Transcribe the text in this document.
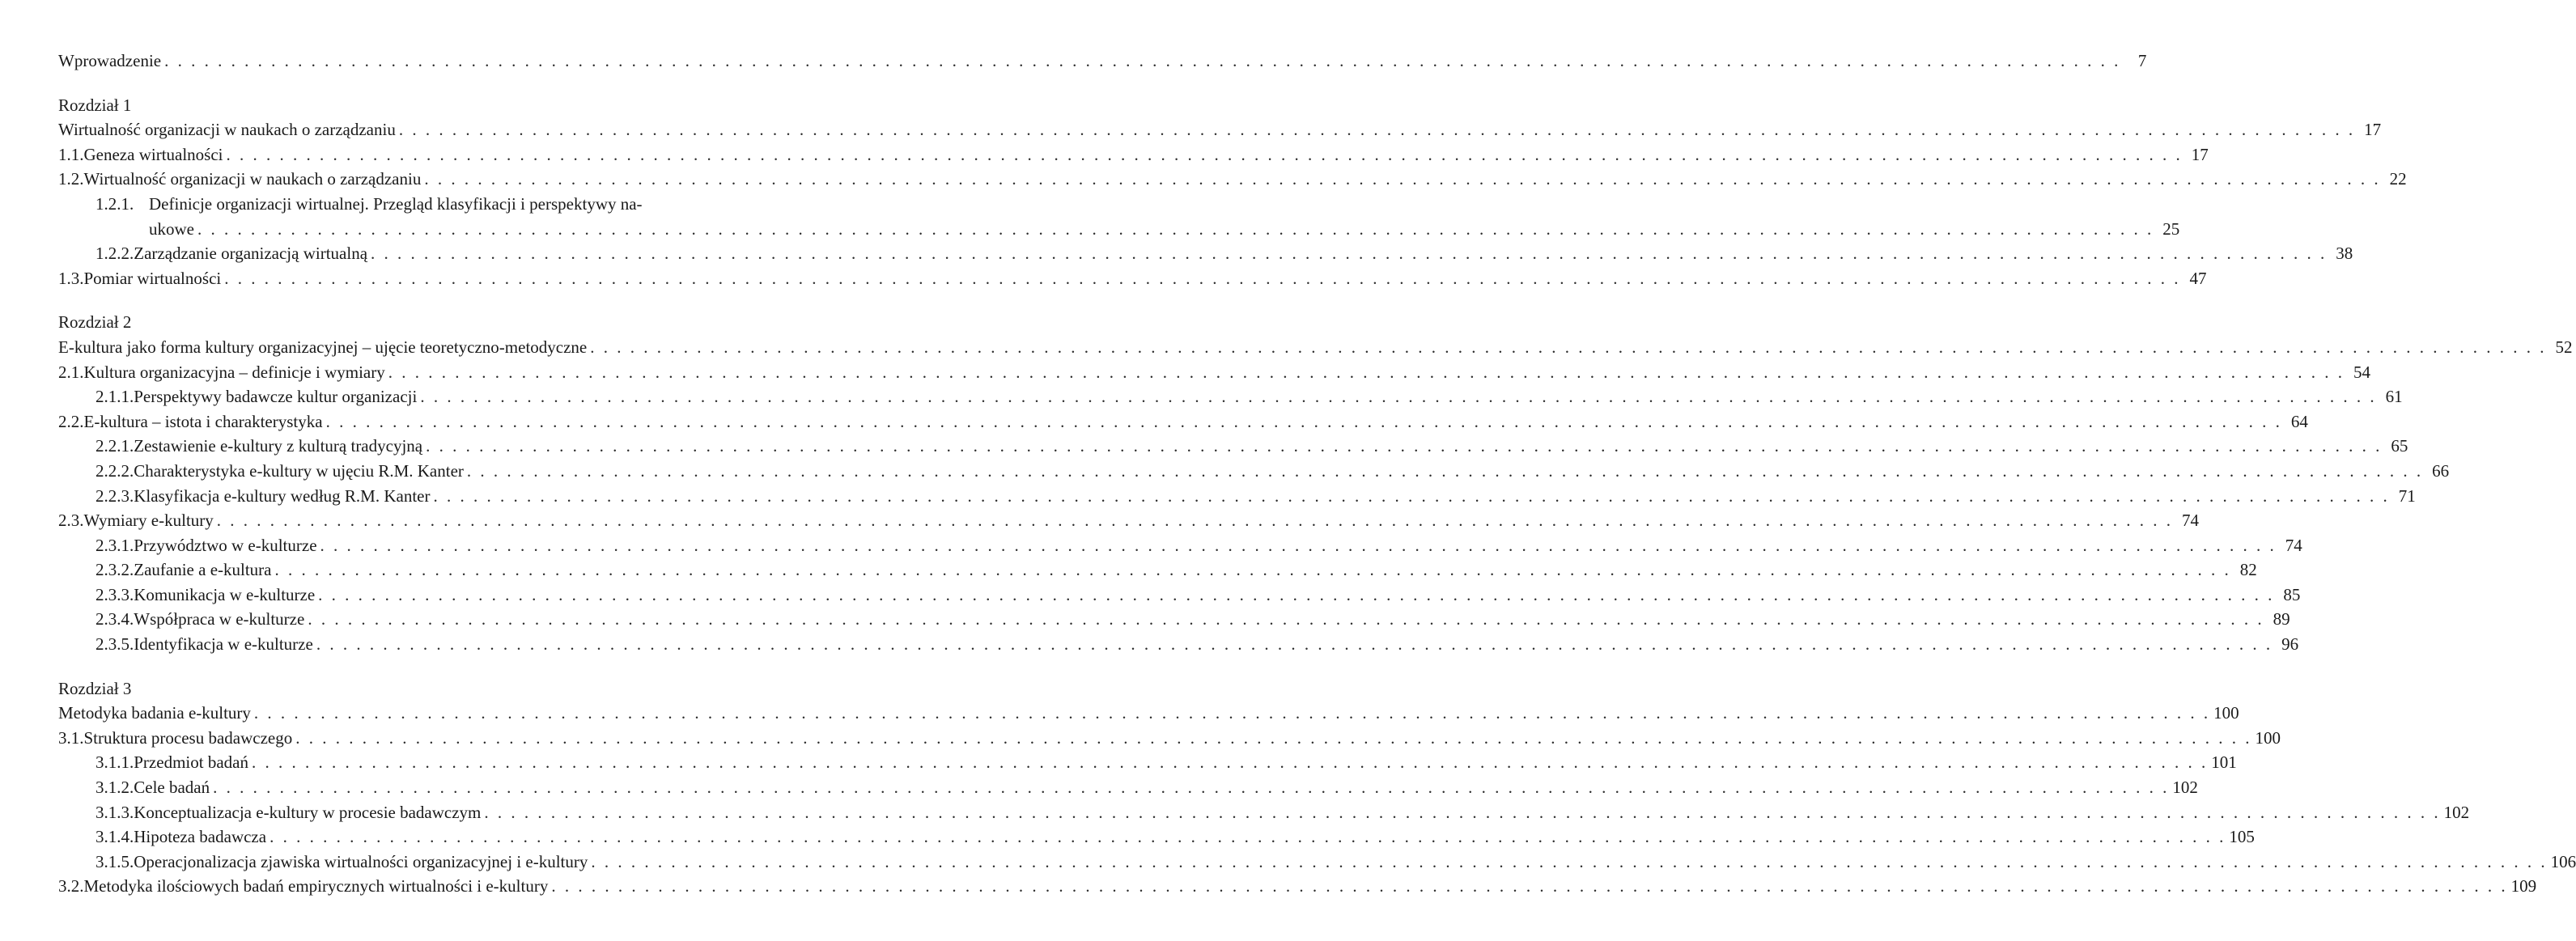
Wprowadzenie . . .	7
Rozdział 1
Wirtualność organizacji w naukach o zarządzaniu . . .	17
1.1. Geneza wirtualności . . .	17
1.2. Wirtualność organizacji w naukach o zarządzaniu . . .	22
1.2.1. Definicje organizacji wirtualnej. Przegląd klasyfikacji i perspektywy na-
ukowe . . .	25
1.2.2. Zarządzanie organizacją wirtualną . . .	38
1.3. Pomiar wirtualności . . .	47
Rozdział 2
E-kultura jako forma kultury organizacyjnej – ujęcie teoretyczno-metodyczne . . .	52
2.1. Kultura organizacyjna – definicje i wymiary . . .	54
2.1.1. Perspektywy badawcze kultur organizacji . . .	61
2.2. E-kultura – istota i charakterystyka . . .	64
2.2.1. Zestawienie e-kultury z kulturą tradycyjną . . .	65
2.2.2. Charakterystyka e-kultury w ujęciu R.M. Kanter . . .	66
2.2.3. Klasyfikacja e-kultury według R.M. Kanter . . .	71
2.3. Wymiary e-kultury . . .	74
2.3.1. Przywództwo w e-kulturze . . .	74
2.3.2. Zaufanie a e-kultura . . .	82
2.3.3. Komunikacja w e-kulturze . . .	85
2.3.4. Współpraca w e-kulturze . . .	89
2.3.5. Identyfikacja w e-kulturze . . .	96
Rozdział 3
Metodyka badania e-kultury . . .	100
3.1. Struktura procesu badawczego . . .	100
3.1.1. Przedmiot badań . . .	101
3.1.2. Cele badań . . .	102
3.1.3. Konceptualizacja e-kultury w procesie badawczym . . .	102
3.1.4. Hipoteza badawcza . . .	105
3.1.5. Operacjonalizacja zjawiska wirtualności organizacyjnej i e-kultury . . .	106
3.2. Metodyka ilościowych badań empirycznych wirtualności i e-kultury . . .	109
